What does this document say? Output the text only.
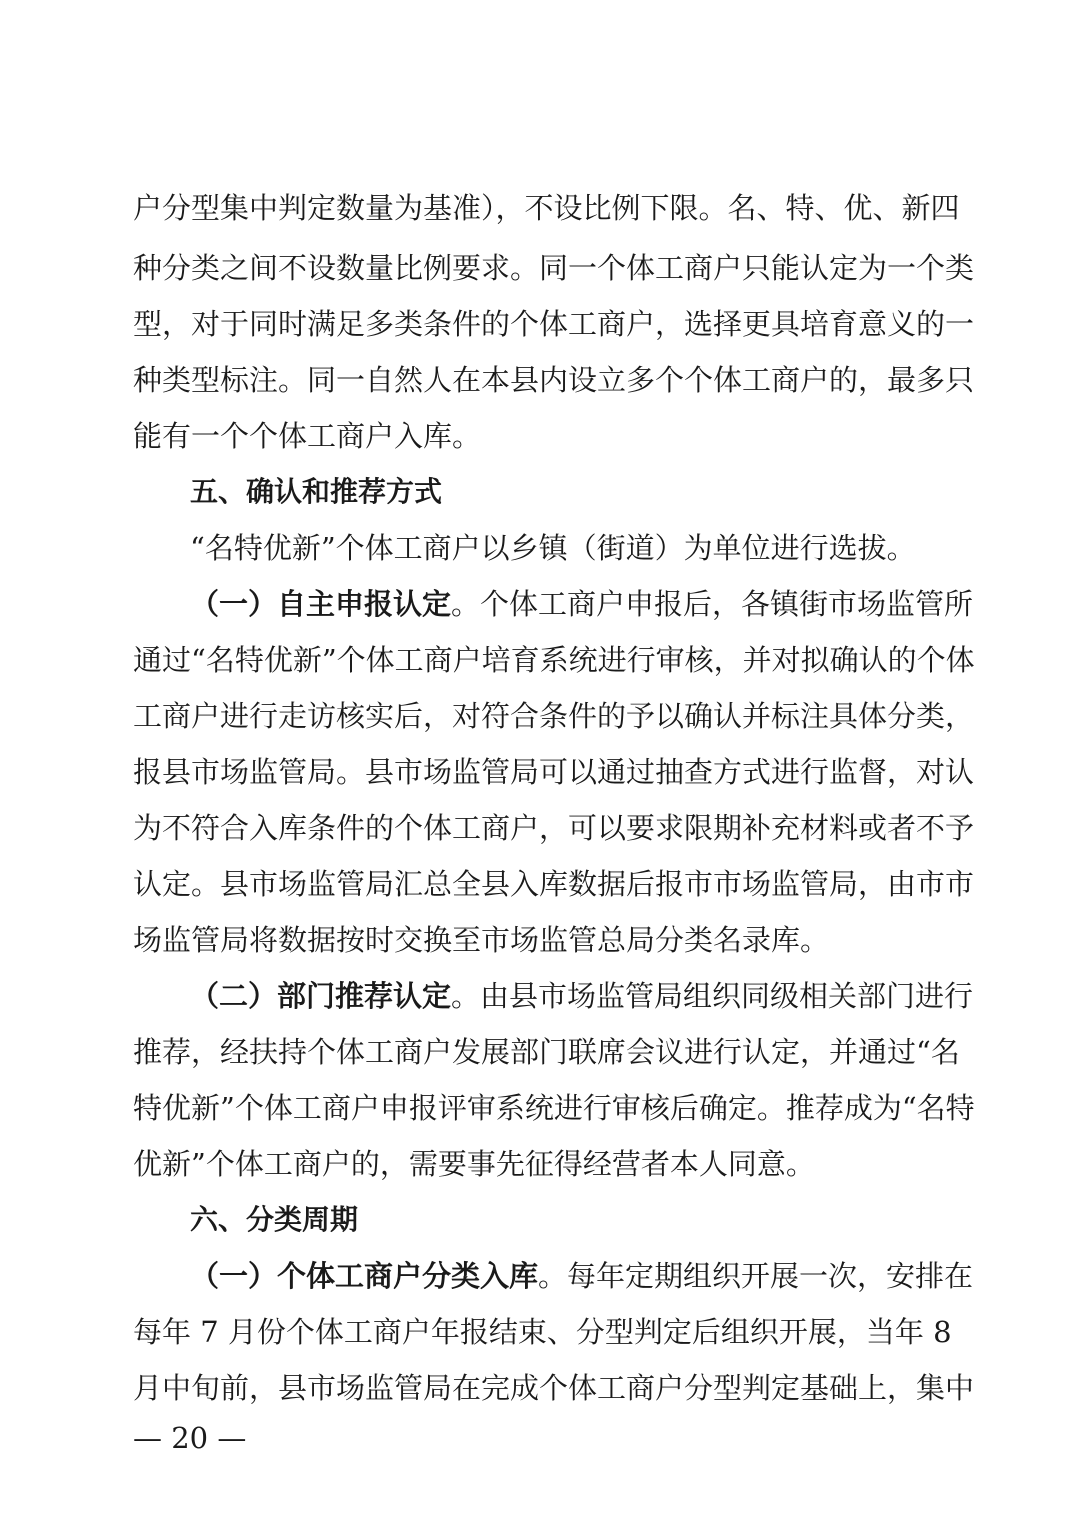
户分型集中判定数量为基准），不设比例下限。名、特、优、新四
种分类之间不设数量比例要求。同一个体工商户只能认定为一个类
型，对于同时满足多类条件的个体工商户，选择更具培育意义的一
种类型标注。同一自然人在本县内设立多个个体工商户的，最多只
能有一个个体工商户入库。
五、确认和推荐方式
“名特优新”个体工商户以乡镇（街道）为单位进行选拔。
（一）自主申报认定。个体工商户申报后，各镇街市场监管所
通过“名特优新”个体工商户培育系统进行审核，并对拟确认的个体
工商户进行走访核实后，对符合条件的予以确认并标注具体分类，
报县市场监管局。县市场监管局可以通过抽查方式进行监督，对认
为不符合入库条件的个体工商户，可以要求限期补充材料或者不予
认定。县市场监管局汇总全县入库数据后报市市场监管局，由市市
场监管局将数据按时交换至市场监管总局分类名录库。
（二）部门推荐认定。由县市场监管局组织同级相关部门进行
推荐，经扶持个体工商户发展部门联席会议进行认定，并通过“名
特优新”个体工商户申报评审系统进行审核后确定。推荐成为“名特
优新”个体工商户的，需要事先征得经营者本人同意。
六、分类周期
（一）个体工商户分类入库。每年定期组织开展一次，安排在
每年 7 月份个体工商户年报结束、分型判定后组织开展，当年 8
月中旬前，县市场监管局在完成个体工商户分型判定基础上，集中
— 20 —
